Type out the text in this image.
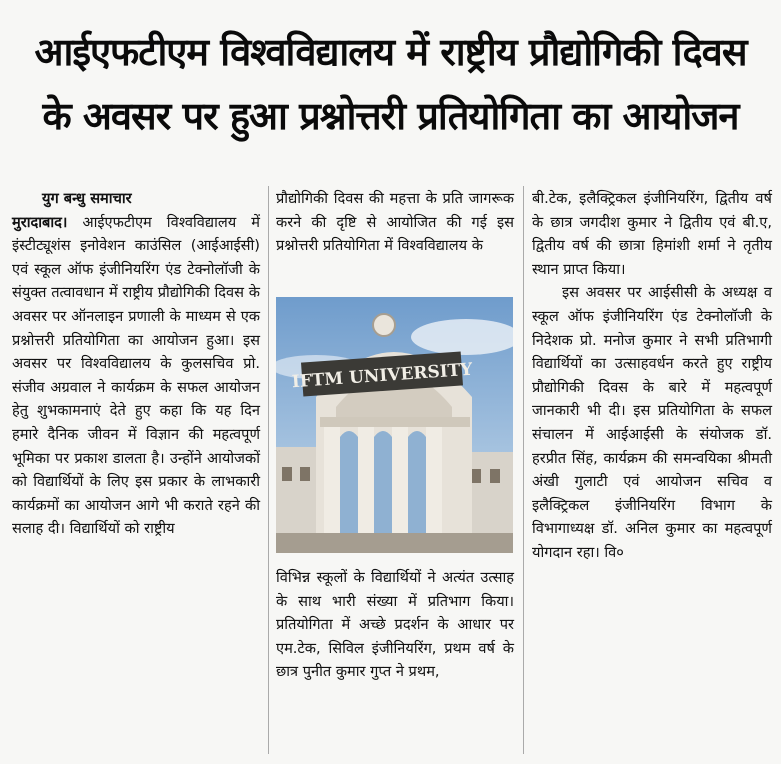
आईएफटीएम विश्वविद्यालय में राष्ट्रीय प्रौद्योगिकी दिवस
के अवसर पर हुआ प्रश्नोत्तरी प्रतियोगिता का आयोजन

युग बन्धु समाचार

मुरादाबाद। आईएफटीएम विश्वविद्यालय में इंस्टीट्यूशंस इनोवेशन काउंसिल (आईआईसी) एवं स्कूल ऑफ इंजीनियरिंग एंड टेक्नोलॉजी के संयुक्त तत्वावधान में राष्ट्रीय प्रौद्योगिकी दिवस के अवसर पर ऑनलाइन प्रणाली के माध्यम से एक प्रश्नोत्तरी प्रतियोगिता का आयोजन हुआ। इस अवसर पर विश्वविद्यालय के कुलसचिव प्रो. संजीव अग्रवाल ने कार्यक्रम के सफल आयोजन हेतु शुभकामनाएं देते हुए कहा कि यह दिन हमारे दैनिक जीवन में विज्ञान की महत्वपूर्ण भूमिका पर प्रकाश डालता है। उन्होंने आयोजकों को विद्यार्थियों के लिए इस प्रकार के लाभकारी कार्यक्रमों का आयोजन आगे भी कराते रहने की सलाह दी। विद्यार्थियों को राष्ट्रीय

प्रौद्योगिकी दिवस की महत्ता के प्रति जागरूक करने की दृष्टि से आयोजित की गई इस प्रश्नोत्तरी प्रतियोगिता में विश्वविद्यालय के

IFTM UNIVERSITY

विभिन्न स्कूलों के विद्यार्थियों ने अत्यंत उत्साह के साथ भारी संख्या में प्रतिभाग किया। प्रतियोगिता में अच्छे प्रदर्शन के आधार पर एम.टेक, सिविल इंजीनियरिंग, प्रथम वर्ष के छात्र पुनीत कुमार गुप्त ने प्रथम,

बी.टेक, इलैक्ट्रिकल इंजीनियरिंग, द्वितीय वर्ष के छात्र जगदीश कुमार ने द्वितीय एवं बी.ए, द्वितीय वर्ष की छात्रा हिमांशी शर्मा ने तृतीय स्थान प्राप्त किया।

इस अवसर पर आईसीसी के अध्यक्ष व स्कूल ऑफ इंजीनियरिंग एंड टेक्नोलॉजी के निदेशक प्रो. मनोज कुमार ने सभी प्रतिभागी विद्यार्थियों का उत्साहवर्धन करते हुए राष्ट्रीय प्रौद्योगिकी दिवस के बारे में महत्वपूर्ण जानकारी भी दी। इस प्रतियोगिता के सफल संचालन में आईआईसी के संयोजक डॉ. हरप्रीत सिंह, कार्यक्रम की समन्वयिका श्रीमती अंखी गुलाटी एवं आयोजन सचिव व इलैक्ट्रिकल इंजीनियरिंग विभाग के विभागाध्यक्ष डॉ. अनिल कुमार का महत्वपूर्ण योगदान रहा। वि०
